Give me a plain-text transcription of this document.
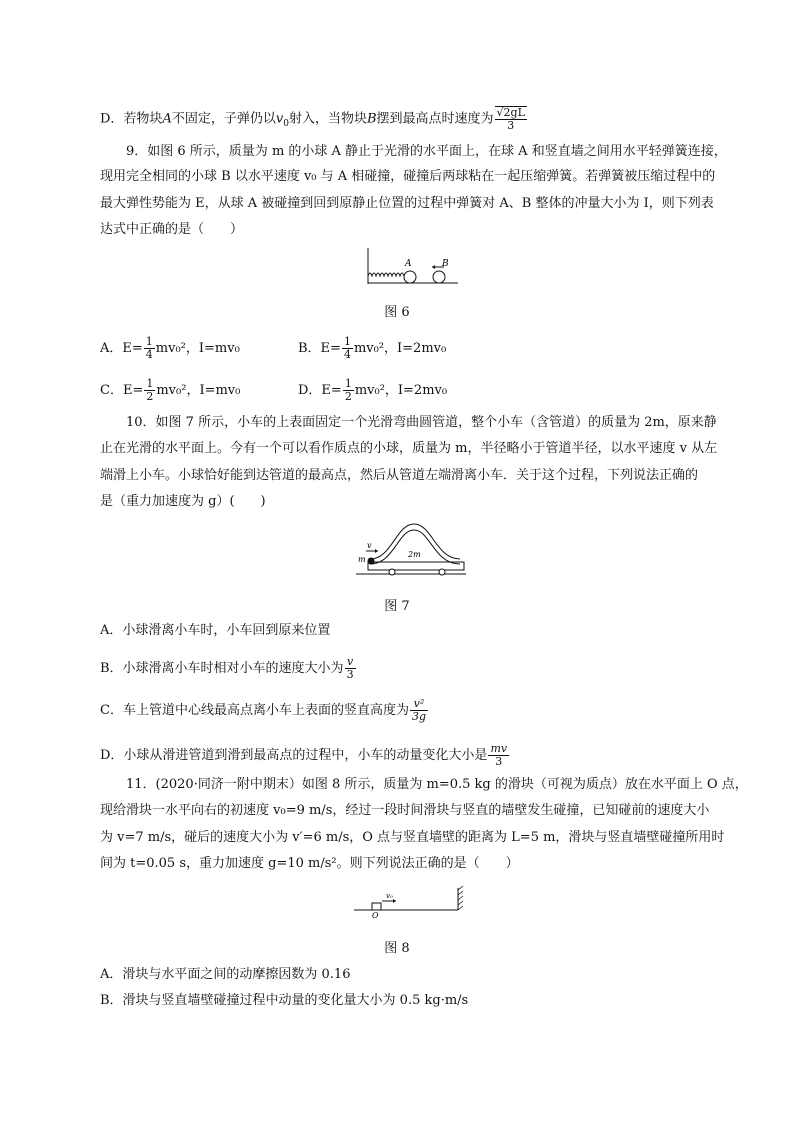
D．若物块A不固定，子弹仍以$v_0$射入，当物块B摆到最高点时速度为 $\frac{√2gL}{3}$
9．如图 6 所示，质量为 m 的小球 A 静止于光滑的水平面上，在球 A 和竖直墙之间用水平轻弹簧连接，
现用完全相同的小球 B 以水平速度 v₀ 与 A 相碰撞，碰撞后两球粘在一起压缩弹簧。若弹簧被压缩过程中的
最大弹性势能为 E，从球 A 被碰撞到回到原静止位置的过程中弹簧对 A、B 整体的冲量大小为 I，则下列表
达式中正确的是（　　）
A	B
图 6
A．$E= \frac{1}{4} mv_0^2$，I=mv₀	B．$E= \frac{1}{4} mv_0^2$，I=2mv₀
C．$E= \frac{1}{2} mv_0^2$，I=mv₀	D．$E= \frac{1}{2} mv_0^2$，I=2mv₀
10．如图 7 所示，小车的上表面固定一个光滑弯曲圆管道，整个小车（含管道）的质量为 2m，原来静
止在光滑的水平面上。今有一个可以看作质点的小球，质量为 m，半径略小于管道半径，以水平速度 v 从左
端滑上小车。小球恰好能到达管道的最高点，然后从管道左端滑离小车．关于这个过程，下列说法正确的
是（重力加速度为 g）(　　)
v
m
2m
图 7
A．小球滑离小车时，小车回到原来位置
B．小球滑离小车时相对小车的速度大小为 $\frac{v}{3}$
C．车上管道中心线最高点离小车上表面的竖直高度为 $\frac{\text{v²}}{3g}$
D．小球从滑进管道到滑到最高点的过程中，小车的动量变化大小是 $\frac{mv}{3}$
11．(2020·同济一附中期末）如图 8 所示，质量为 m=0.5 kg 的滑块（可视为质点）放在水平面上 O 点，
现给滑块一水平向右的初速度 v₀=9 m/s，经过一段时间滑块与竖直的墙壁发生碰撞，已知碰前的速度大小
为 v=7 m/s，碰后的速度大小为 v′=6 m/s，O 点与竖直墙壁的距离为 L=5 m，滑块与竖直墙壁碰撞所用时
间为 t=0.05 s，重力加速度 g=10 m/s²。则下列说法正确的是（　　）
v₀
O
图 8
A．滑块与水平面之间的动摩擦因数为 0.16
B．滑块与竖直墙壁碰撞过程中动量的变化量大小为 0.5 kg·m/s
